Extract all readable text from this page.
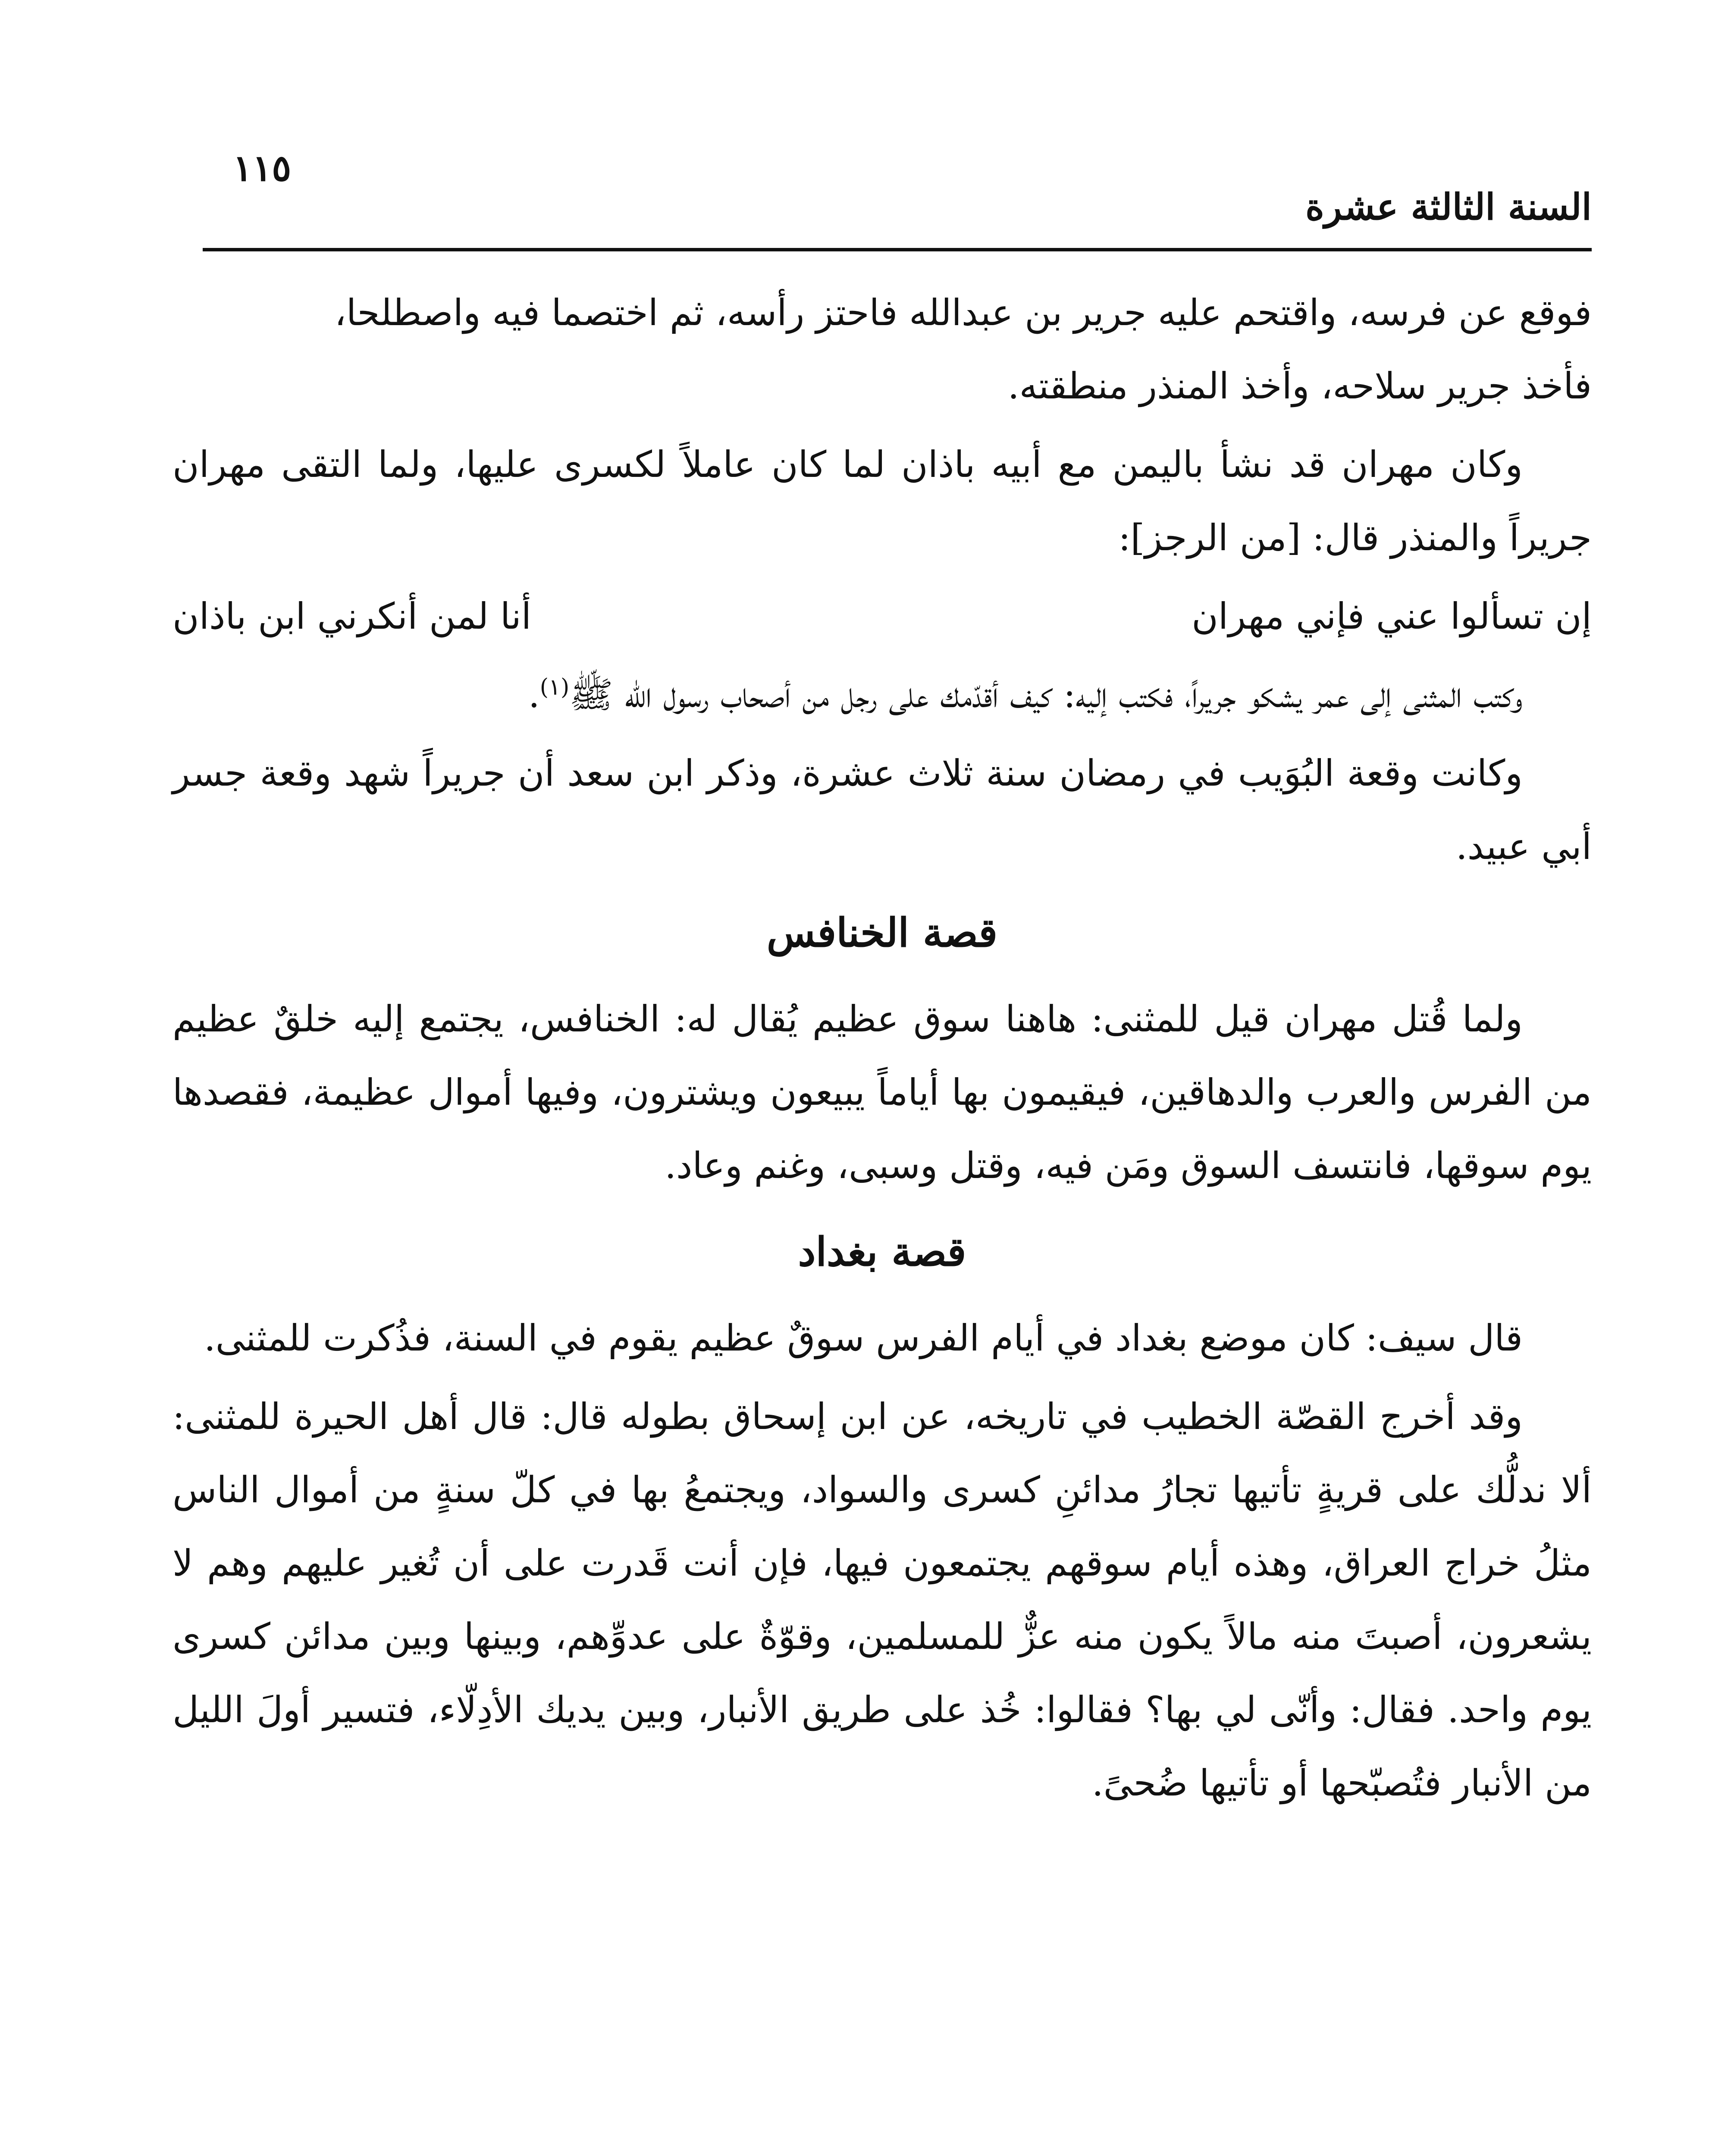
١١٥
السنة الثالثة عشرة

فوقع عن فرسه، واقتحم عليه جرير بن عبدالله فاحتز رأسه، ثم اختصما فيه واصطلحا،
فأخذ جرير سلاحه، وأخذ المنذر منطقته.

وكان مهران قد نشأ باليمن مع أبيه باذان لما كان عاملاً لكسرى عليها، ولما التقى مهران جريراً والمنذر قال: [من الرجز]:

إن تسألوا عني فإني مهران
أنا لمن أنكرني ابن باذان

وكتب المثنى إلى عمر يشكو جريراً، فكتب إليه: كيف أقدّمك على رجل من أصحاب رسول الله ﷺ$^{(١)}$.

وكانت وقعة البُوَيب في رمضان سنة ثلاث عشرة، وذكر ابن سعد أن جريراً شهد وقعة جسر أبي عبيد.

قصة الخنافس

ولما قُتل مهران قيل للمثنى: هاهنا سوق عظيم يُقال له: الخنافس، يجتمع إليه خلقٌ عظيم من الفرس والعرب والدهاقين، فيقيمون بها أياماً يبيعون ويشترون، وفيها أموال عظيمة، فقصدها يوم سوقها، فانتسف السوق ومَن فيه، وقتل وسبى، وغنم وعاد.

قصة بغداد

قال سيف: كان موضع بغداد في أيام الفرس سوقٌ عظيم يقوم في السنة، فذُكرت للمثنى.

وقد أخرج القصّة الخطيب في تاريخه، عن ابن إسحاق بطوله قال: قال أهل الحيرة للمثنى: ألا ندلُّك على قريةٍ تأتيها تجارُ مدائنِ كسرى والسواد، ويجتمعُ بها في كلّ سنةٍ من أموال الناس مثلُ خراج العراق، وهذه أيام سوقهم يجتمعون فيها، فإن أنت قَدرت على أن تُغير عليهم وهم لا يشعرون، أصبتَ منه مالاً يكون منه عزٌّ للمسلمين، وقوّةٌ على عدوِّهم، وبينها وبين مدائن كسرى يوم واحد. فقال: وأنّى لي بها؟ فقالوا: خُذ على طريق الأنبار، وبين يديك الأدِلّاء، فتسير أولَ الليل من الأنبار فتُصبّحها أو تأتيها ضُحىً.
